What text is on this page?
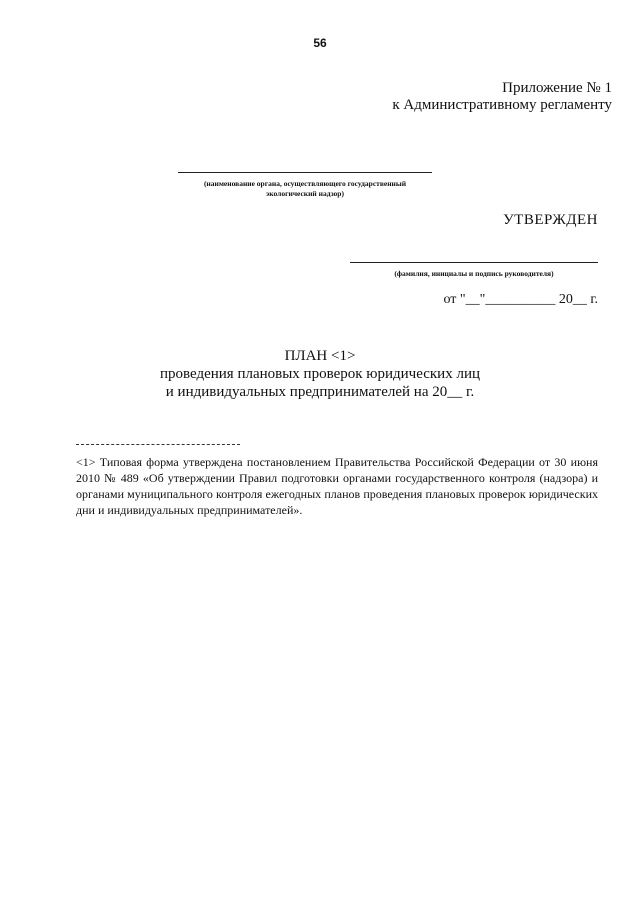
56
Приложение № 1
к Административному регламенту
(наименование органа, осуществляющего государственный
экологический надзор)
УТВЕРЖДЕН
(фамилия, инициалы и подпись руководителя)
от "__"__________ 20__ г.
ПЛАН <1>
проведения плановых проверок юридических лиц
и индивидуальных предпринимателей на 20__ г.
<1> Типовая форма утверждена постановлением Правительства Российской Федерации от 30 июня 2010 № 489 «Об утверждении Правил подготовки органами государственного контроля (надзора) и органами муниципального контроля ежегодных планов проведения плановых проверок юридических дни и индивидуальных предпринимателей».
